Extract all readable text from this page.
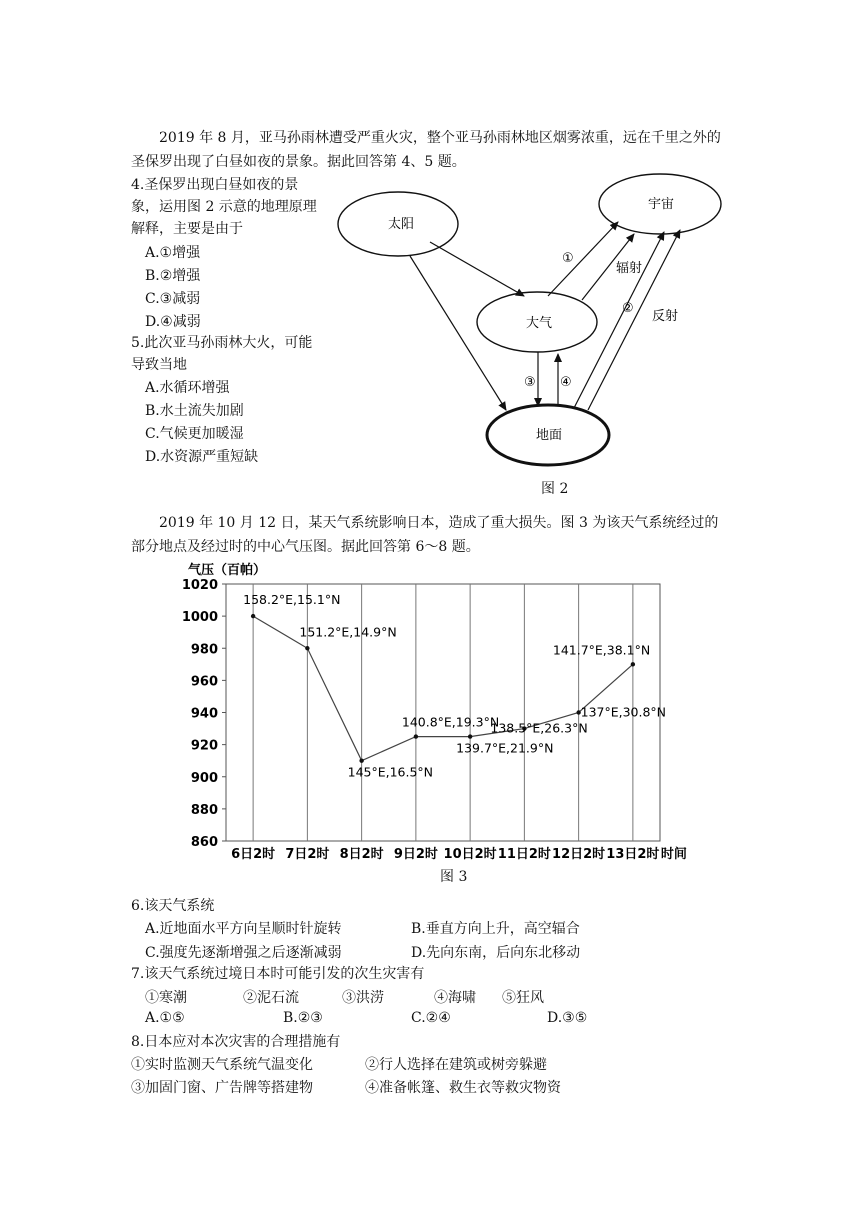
2019 年 8 月，亚马孙雨林遭受严重火灾，整个亚马孙雨林地区烟雾浓重，远在千里之外的圣保罗出现了白昼如夜的景象。据此回答第 4、5 题。
4.圣保罗出现白昼如夜的景
象，运用图 2 示意的地理原理
解释，主要是由于
A.①增强
B.②增强
C.③减弱
D.④减弱
5.此次亚马孙雨林大火，可能
导致当地
A.水循环增强
B.水土流失加剧
C.气候更加暖湿
D.水资源严重短缺
太阳
宇宙
大气
地面
①
②
③ ④
辐射
反射
图 2
2019 年 10 月 12 日，某天气系统影响日本，造成了重大损失。图 3 为该天气系统经过的部分地点及经过时的中心气压图。据此回答第 6～8 题。
气压（百帕）
1020
1000
980
960
940
920
900
880
860
6日2时 7日2时 8日2时 9日2时 10日2时 11日2时 12日2时 13日2时
158.2°E,15.1°N
151.2°E,14.9°N
145°E,16.5°N
140.8°E,19.3°N
139.7°E,21.9°N
138.5°E,26.3°N
137°E,30.8°N
141.7°E,38.1°N
时间
图 3
6.该天气系统
A.近地面水平方向呈顺时针旋转	B.垂直方向上升，高空辐合
C.强度先逐渐增强之后逐渐减弱	D.先向东南，后向东北移动
7.该天气系统过境日本时可能引发的次生灾害有
①寒潮	②泥石流	③洪涝	④海啸 ⑤狂风
A.①⑤	B.②③	C.②④	D.③⑤
8.日本应对本次灾害的合理措施有
①实时监测天气系统气温变化	②行人选择在建筑或树旁躲避
③加固门窗、广告牌等搭建物	④准备帐篷、救生衣等救灾物资
